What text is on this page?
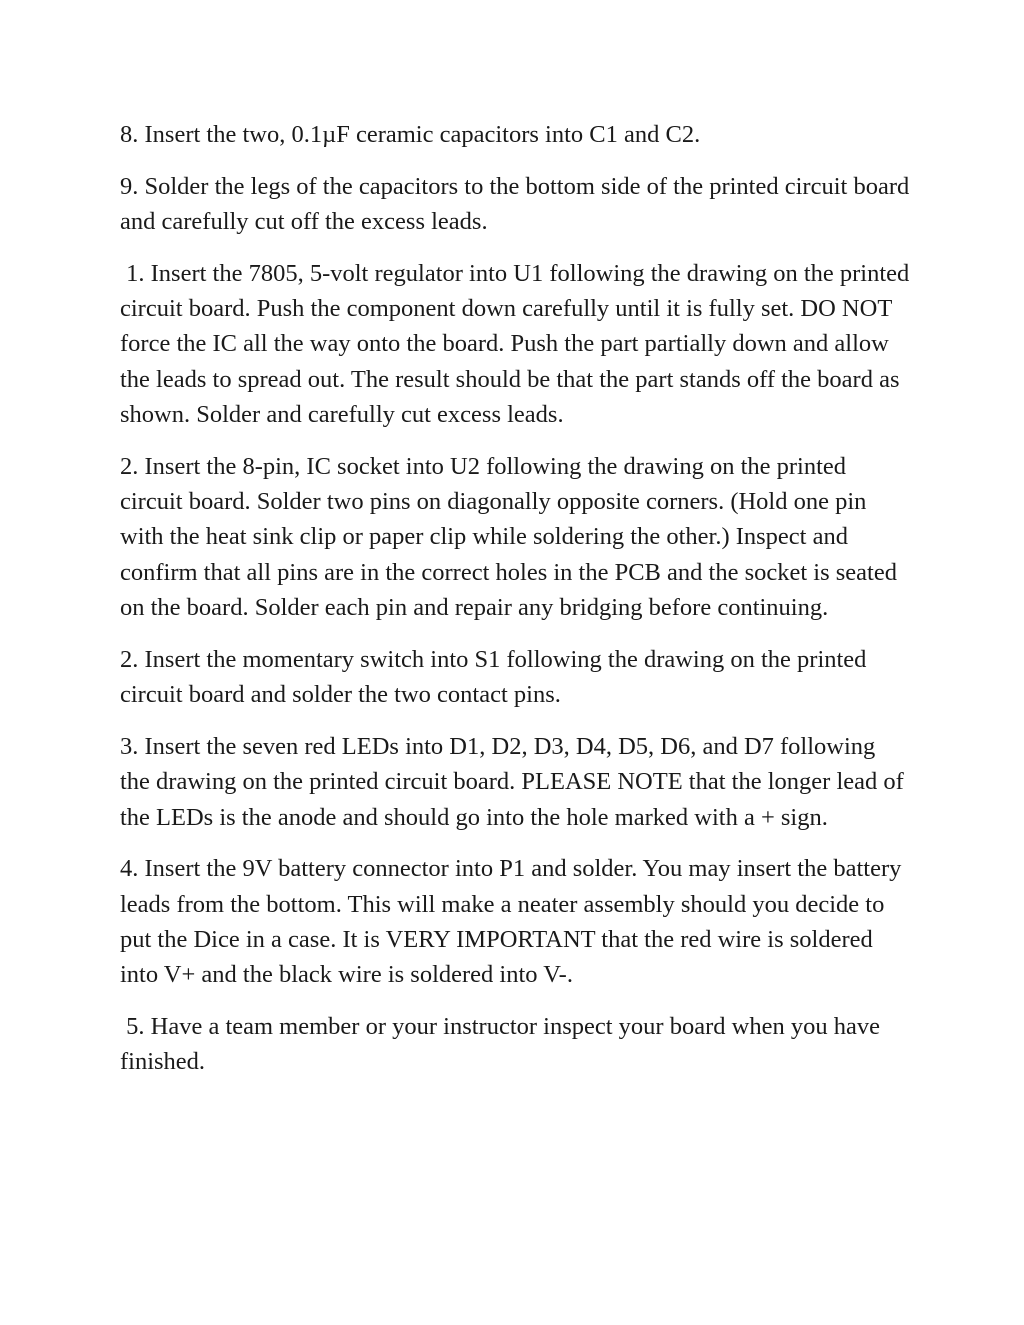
8. Insert the two, 0.1µF ceramic capacitors into C1 and C2.

9. Solder the legs of the capacitors to the bottom side of the printed circuit board and carefully cut off the excess leads.

1. Insert the 7805, 5-volt regulator into U1 following the drawing on the printed circuit board. Push the component down carefully until it is fully set. DO NOT force the IC all the way onto the board. Push the part partially down and allow the leads to spread out. The result should be that the part stands off the board as shown. Solder and carefully cut excess leads.

2. Insert the 8-pin, IC socket into U2 following the drawing on the printed circuit board. Solder two pins on diagonally opposite corners. (Hold one pin with the heat sink clip or paper clip while soldering the other.) Inspect and confirm that all pins are in the correct holes in the PCB and the socket is seated on the board. Solder each pin and repair any bridging before continuing.

2. Insert the momentary switch into S1 following the drawing on the printed circuit board and solder the two contact pins.

3. Insert the seven red LEDs into D1, D2, D3, D4, D5, D6, and D7 following the drawing on the printed circuit board. PLEASE NOTE that the longer lead of the LEDs is the anode and should go into the hole marked with a + sign.

4. Insert the 9V battery connector into P1 and solder. You may insert the battery leads from the bottom. This will make a neater assembly should you decide to put the Dice in a case. It is VERY IMPORTANT that the red wire is soldered into V+ and the black wire is soldered into V-.

5. Have a team member or your instructor inspect your board when you have finished.
